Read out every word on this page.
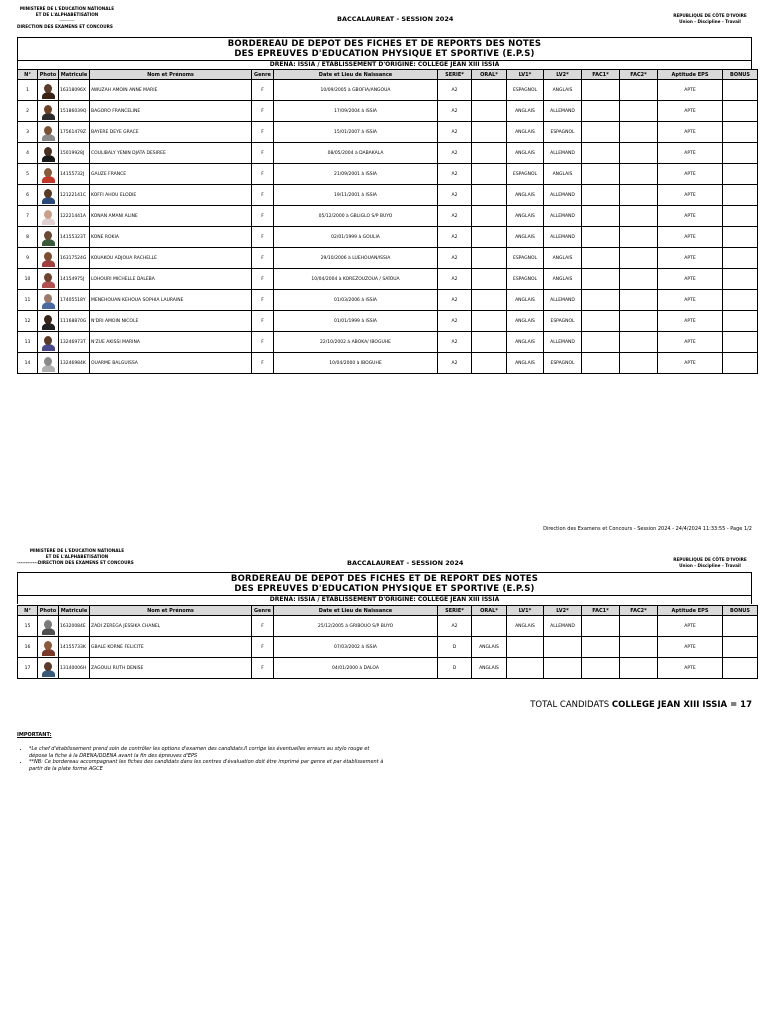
MINISTERE DE L'EDUCATION NATIONALE
ET DE L'ALPHABETISATION
----------
DIRECTION DES EXAMENS ET CONCOURS
BACCALAUREAT - SESSION 2024	REPUBLIQUE DE CÔTE D'IVOIRE
Union - Discipline - Travail
BORDEREAU DE DEPOT DES FICHES ET DE REPORTS DES NOTES
DES EPREUVES D'EDUCATION PHYSIQUE ET SPORTIVE (E.P.S)
DRENA: ISSIA / ETABLISSEMENT D'ORIGINE: COLLEGE JEAN XIII ISSIA
N°	Photo	Matricule	Nom et Prénoms	Genre	Date et Lieu de Naissance	SERIE*	ORAL*	LV1*	LV2*	FAC1*	FAC2*	Aptitude EPS	BONUS
1		16318096X	AWUZAH AMOIN ANNE MARIE	F	10/09/2005 à GBOFIA/ANGOUA	A2		ESPAGNOL	ANGLAIS			APTE	
2		15186039Q	BAGORO FRANCELINE	F	17/09/2004 à ISSIA	A2		ANGLAIS	ALLEMAND			APTE	
3		17561479Z	BAYERE DEYE GRACE	F	15/01/2007 à ISSIA	A2		ANGLAIS	ESPAGNOL			APTE	
4		15019928J	COULIBALY YENIN DJATA DESIREE	F	08/05/2004 à DABAKALA	A2		ANGLAIS	ALLEMAND			APTE	
5		14155732J	GAUZE FRANCE	F	21/09/2001 à ISSIA	A2		ESPAGNOL	ANGLAIS			APTE	
6		12122141C	KOFFI AHOU ELODIE	F	19/11/2001 à ISSIA	A2		ANGLAIS	ALLEMAND			APTE	
7		12221441A	KONAN AMANI ALINE	F	05/12/2000 à GBLIGLO S/P BUYO	A2		ANGLAIS	ALLEMAND			APTE	
8		14155323T	KONE ROKIA	F	02/01/1999 à GOULIA	A2		ANGLAIS	ALLEMAND			APTE	
9		16317524G	KOUAKOU ADJOUA RACHELLE	F	29/10/2006 à LUEHOUAN/ISSIA	A2		ESPAGNOL	ANGLAIS			APTE	
10		14154975J	LOHOURI MICHELLE DALEBA	F	10/04/2004 à KOREZOUZOUA / SAÏOUA	A2		ESPAGNOL	ANGLAIS			APTE	
11		17405518Y	MENEHOUAN KEHOUA SOPHIA LAURAINE	F	01/03/2006 à ISSIA	A2		ANGLAIS	ALLEMAND			APTE	
12		11168870G	N'DRI AMOIN NICOLE	F	01/01/1999 à ISSIA	A2		ANGLAIS	ESPAGNOL			APTE	
13		13246973T	N'ZUE AKISSI MARINA	F	22/10/2002 à ABOKA/ IBOGUHE	A2		ANGLAIS	ALLEMAND			APTE	
14		13246984K	OUARME BALGUISSA	F	10/04/2000 à IBOGUHE	A2		ANGLAIS	ESPAGNOL			APTE	
Direction des Examens et Concours - Session 2024 - 24/4/2024 11:33:55 - Page 1/2
MINISTERE DE L'EDUCATION NATIONALE
ET DE L'ALPHABETISATION
------------DIRECTION DES EXAMENS ET CONCOURS	BACCALAUREAT - SESSION 2024	REPUBLIQUE DE CÔTE D'IVOIRE
Union - Discipline - Travail
BORDEREAU DE DEPOT DES FICHES ET DE REPORT DES NOTES
DES EPREUVES D'EDUCATION PHYSIQUE ET SPORTIVE (E.P.S)
DRENA: ISSIA / ETABLISSEMENT D'ORIGINE: COLLEGE JEAN XIII ISSIA
N°	Photo	Matricule	Nom et Prénoms	Genre	Date et Lieu de Naissance	SERIE*	ORAL*	LV1*	LV2*	FAC1*	FAC2*	Aptitude EPS	BONUS
15		16320084E	ZADI ZEREGA JESSIKA CHANEL	F	25/12/2005 à GRIBOUO S/P BUYO	A2		ANGLAIS	ALLEMAND			APTE	
16		14155733K	GBALE KORNE FELICITE	F	07/03/2002 à ISSIA	D	ANGLAIS					APTE	
17		13140006H	ZAGOULI RUTH DENISE	F	04/01/2000 à DALOA	D	ANGLAIS					APTE	
TOTAL CANDIDATS COLLEGE JEAN XIII ISSIA = 17
IMPORTANT:
• *Le chef d'établissement prend soin de contrôler les options d'examen des candidats.Il corrige les éventuelles erreurs au stylo rouge et dépose la fiche à la DRENA/DDENA avant la fin des épreuves d'EPS
• **NB: Ce bordereau accompagnant les fiches des candidats dans les centres d'évaluation doit être imprimé par genre et par établissement à partir de la plate forme AGCE
